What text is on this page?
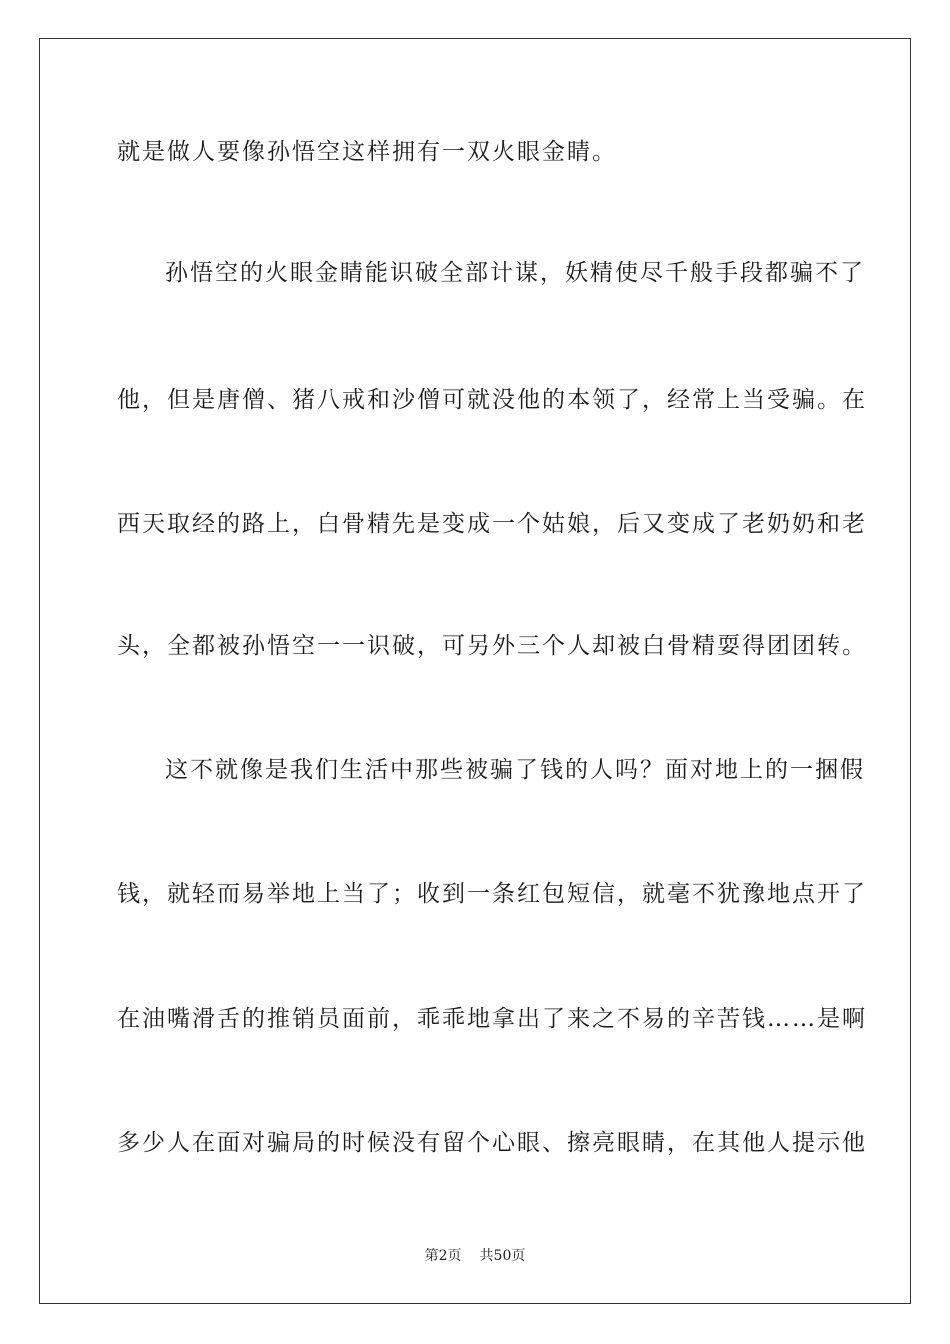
就是做人要像孙悟空这样拥有一双火眼金睛。
孙悟空的火眼金睛能识破全部计谋，妖精使尽千般手段都骗不了
他，但是唐僧、猪八戒和沙僧可就没他的本领了，经常上当受骗。在
西天取经的路上，白骨精先是变成一个姑娘，后又变成了老奶奶和老
头，全都被孙悟空一一识破，可另外三个人却被白骨精耍得团团转。
这不就像是我们生活中那些被骗了钱的人吗？面对地上的一捆假
钱，就轻而易举地上当了；收到一条红包短信，就毫不犹豫地点开了
在油嘴滑舌的推销员面前，乖乖地拿出了来之不易的辛苦钱……是啊
多少人在面对骗局的时候没有留个心眼、擦亮眼睛，在其他人提示他
第2页 共50页
